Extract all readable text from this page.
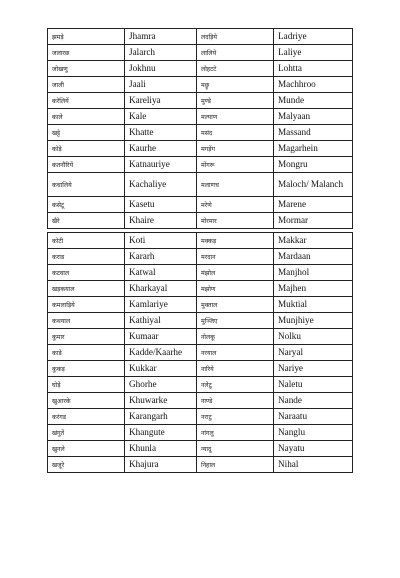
झमड़े	Jhamra	लदड़िये	Ladriye
जलारछ	Jalarch	लालिये	Laliye
जोखणु	Jokhnu	लोहटटे	Lohtta
जाली	Jaali	मछ्रू	Machhroo
करेलियें	Kareliya	मुण्डे	Munde
काले	Kale	मल्याण	Malyaan
खट्टे	Khatte	मसंद	Massand
कोड़े	Kaurhe	मगड़ेंग	Magarhein
कतनौरियें	Katnauriye	मोंगरू	Mongru
कचालिये	Kachaliye	मलाणच	Maloch/ Malanch
कसेटू	Kasetu	मरेणे	Marene
खैरे	Khaire	मोरमार	Mormar
कोटी	Koti	मक्कड़	Makkar
कराड	Kararh	मरदान	Mardaan
कटवाल	Katwal	मंझोल	Manjhol
खड़कयाल	Kharkayal	मझोण	Majhen
कमलाड़िये	Kamlariye	मुक्ताल	Muktial
कथयाल	Kathiyal	मुञ्जिए	Munjhiye
कुमार	Kumaar	नोलकू	Nolku
काडे	Kadde/Kaarhe	नरयाल	Naryal
कुकड़	Kukkar	नारिये	Nariye
घोड़े	Ghorhe	नलेटू	Naletu
खुआरके	Khuwarke	नाण्डे	Nande
करंगड	Karangarh	नराटु	Naraatu
खंगुतें	Khangute	नांगलु	Nanglu
खुनले	Khunla	न्यादू	Nayatu
खजूरे	Khajura	निहाल	Nihal
